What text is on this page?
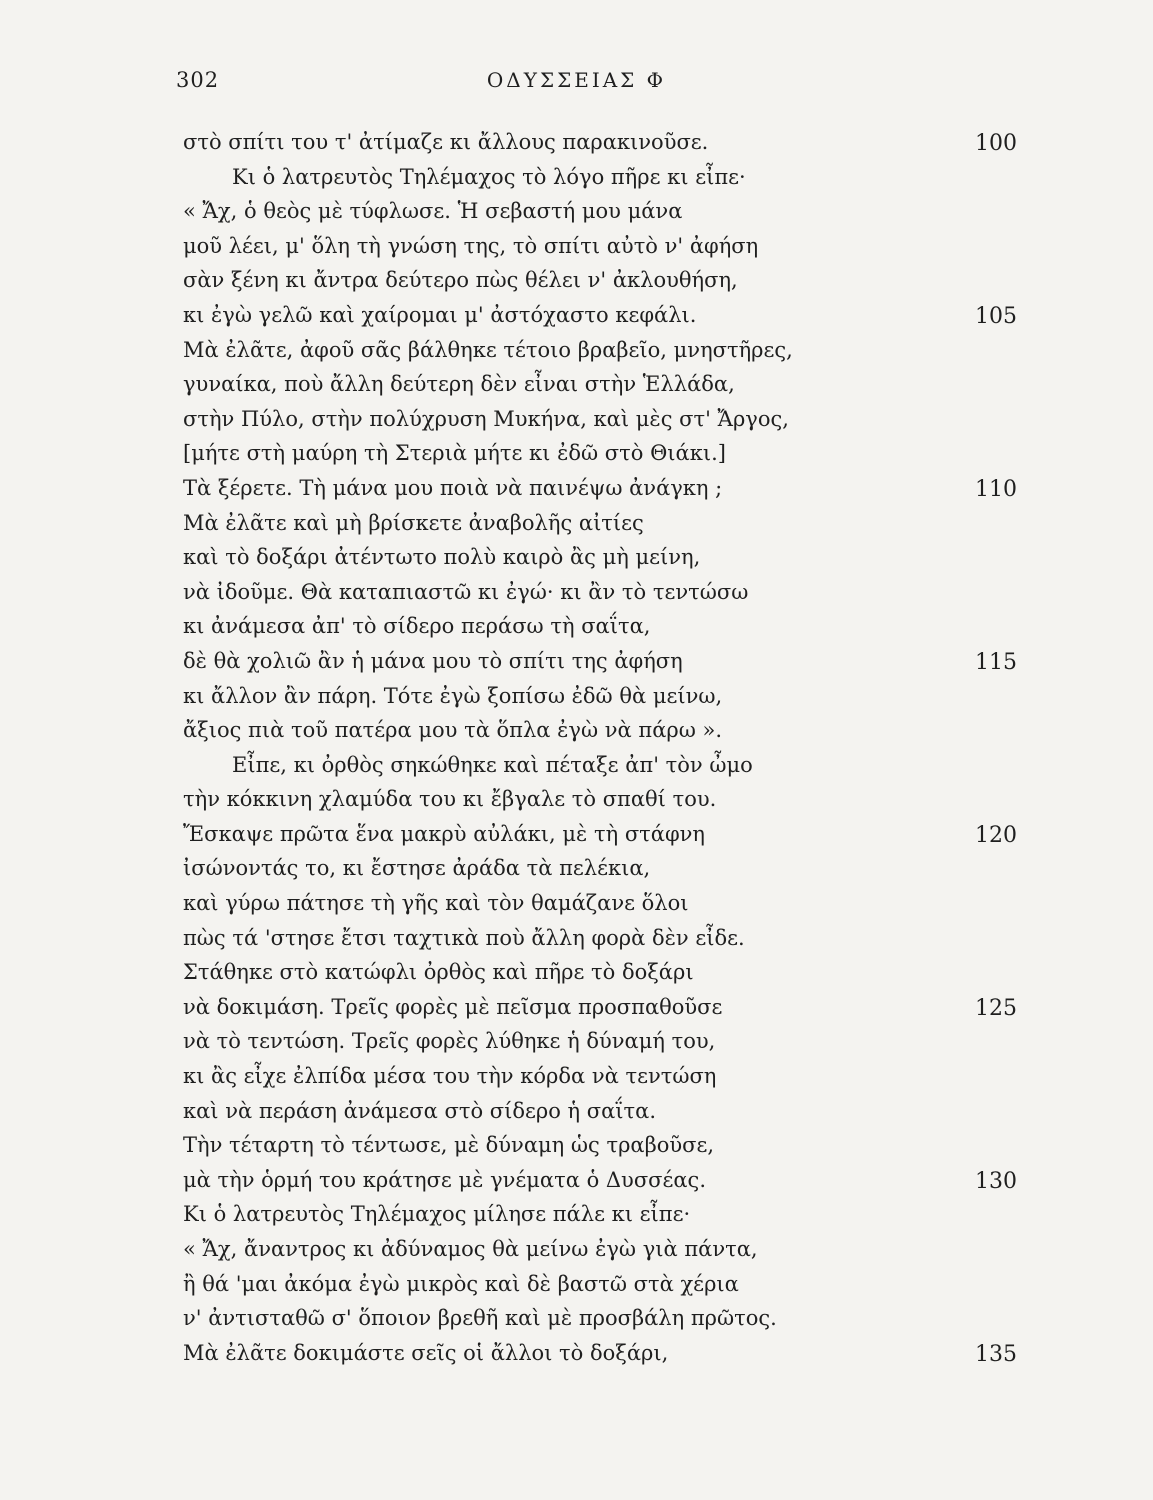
302	ΟΔΥΣΣΕΙΑΣ Φ
στὸ σπίτι του τ' ἀτίμαζε κι ἄλλους παρακινοῦσε.	100
Κι ὁ λατρευτὸς Τηλέμαχος τὸ λόγο πῆρε κι εἶπε·
« Ἄχ, ὁ θεὸς μὲ τύφλωσε. Ἡ σεβαστή μου μάνα
μοῦ λέει, μ' ὅλη τὴ γνώση της, τὸ σπίτι αὐτὸ ν' ἀφήση
σὰν ξένη κι ἄντρα δεύτερο πὼς θέλει ν' ἀκλουθήση,
κι ἐγὼ γελῶ καὶ χαίρομαι μ' ἀστόχαστο κεφάλι.	105
Μὰ ἐλᾶτε, ἀφοῦ σᾶς βάλθηκε τέτοιο βραβεῖο, μνηστῆρες,
γυναίκα, ποὺ ἄλλη δεύτερη δὲν εἶναι στὴν Ἑλλάδα,
στὴν Πύλο, στὴν πολύχρυση Μυκήνα, καὶ μὲς στ' Ἄργος,
[μήτε στὴ μαύρη τὴ Στεριὰ μήτε κι ἐδῶ στὸ Θιάκι.]
Τὰ ξέρετε. Τὴ μάνα μου ποιὰ νὰ παινέψω ἀνάγκη ;	110
Μὰ ἐλᾶτε καὶ μὴ βρίσκετε ἀναβολῆς αἰτίες
καὶ τὸ δοξάρι ἀτέντωτο πολὺ καιρὸ ἂς μὴ μείνη,
νὰ ἰδοῦμε. Θὰ καταπιαστῶ κι ἐγώ· κι ἂν τὸ τεντώσω
κι ἀνάμεσα ἀπ' τὸ σίδερο περάσω τὴ σαΐτα,
δὲ θὰ χολιῶ ἂν ἡ μάνα μου τὸ σπίτι της ἀφήση	115
κι ἄλλον ἂν πάρη. Τότε ἐγὼ ξοπίσω ἐδῶ θὰ μείνω,
ἄξιος πιὰ τοῦ πατέρα μου τὰ ὅπλα ἐγὼ νὰ πάρω ».
Εἶπε, κι ὀρθὸς σηκώθηκε καὶ πέταξε ἀπ' τὸν ὦμο
τὴν κόκκινη χλαμύδα του κι ἔβγαλε τὸ σπαθί του.
Ἔσκαψε πρῶτα ἕνα μακρὺ αὐλάκι, μὲ τὴ στάφνη	120
ἰσώνοντάς το, κι ἔστησε ἀράδα τὰ πελέκια,
καὶ γύρω πάτησε τὴ γῆς καὶ τὸν θαμάζανε ὅλοι
πὼς τά 'στησε ἔτσι ταχτικὰ ποὺ ἄλλη φορὰ δὲν εἶδε.
Στάθηκε στὸ κατώφλι ὀρθὸς καὶ πῆρε τὸ δοξάρι
νὰ δοκιμάση. Τρεῖς φορὲς μὲ πεῖσμα προσπαθοῦσε	125
νὰ τὸ τεντώση. Τρεῖς φορὲς λύθηκε ἡ δύναμή του,
κι ἂς εἶχε ἐλπίδα μέσα του τὴν κόρδα νὰ τεντώση
καὶ νὰ περάση ἀνάμεσα στὸ σίδερο ἡ σαΐτα.
Τὴν τέταρτη τὸ τέντωσε, μὲ δύναμη ὡς τραβοῦσε,
μὰ τὴν ὁρμή του κράτησε μὲ γνέματα ὁ Δυσσέας.	130
Κι ὁ λατρευτὸς Τηλέμαχος μίλησε πάλε κι εἶπε·
« Ἄχ, ἄναντρος κι ἀδύναμος θὰ μείνω ἐγὼ γιὰ πάντα,
ἢ θά 'μαι ἀκόμα ἐγὼ μικρὸς καὶ δὲ βαστῶ στὰ χέρια
ν' ἀντισταθῶ σ' ὅποιον βρεθῆ καὶ μὲ προσβάλη πρῶτος.
Μὰ ἐλᾶτε δοκιμάστε σεῖς οἱ ἄλλοι τὸ δοξάρι,	135
